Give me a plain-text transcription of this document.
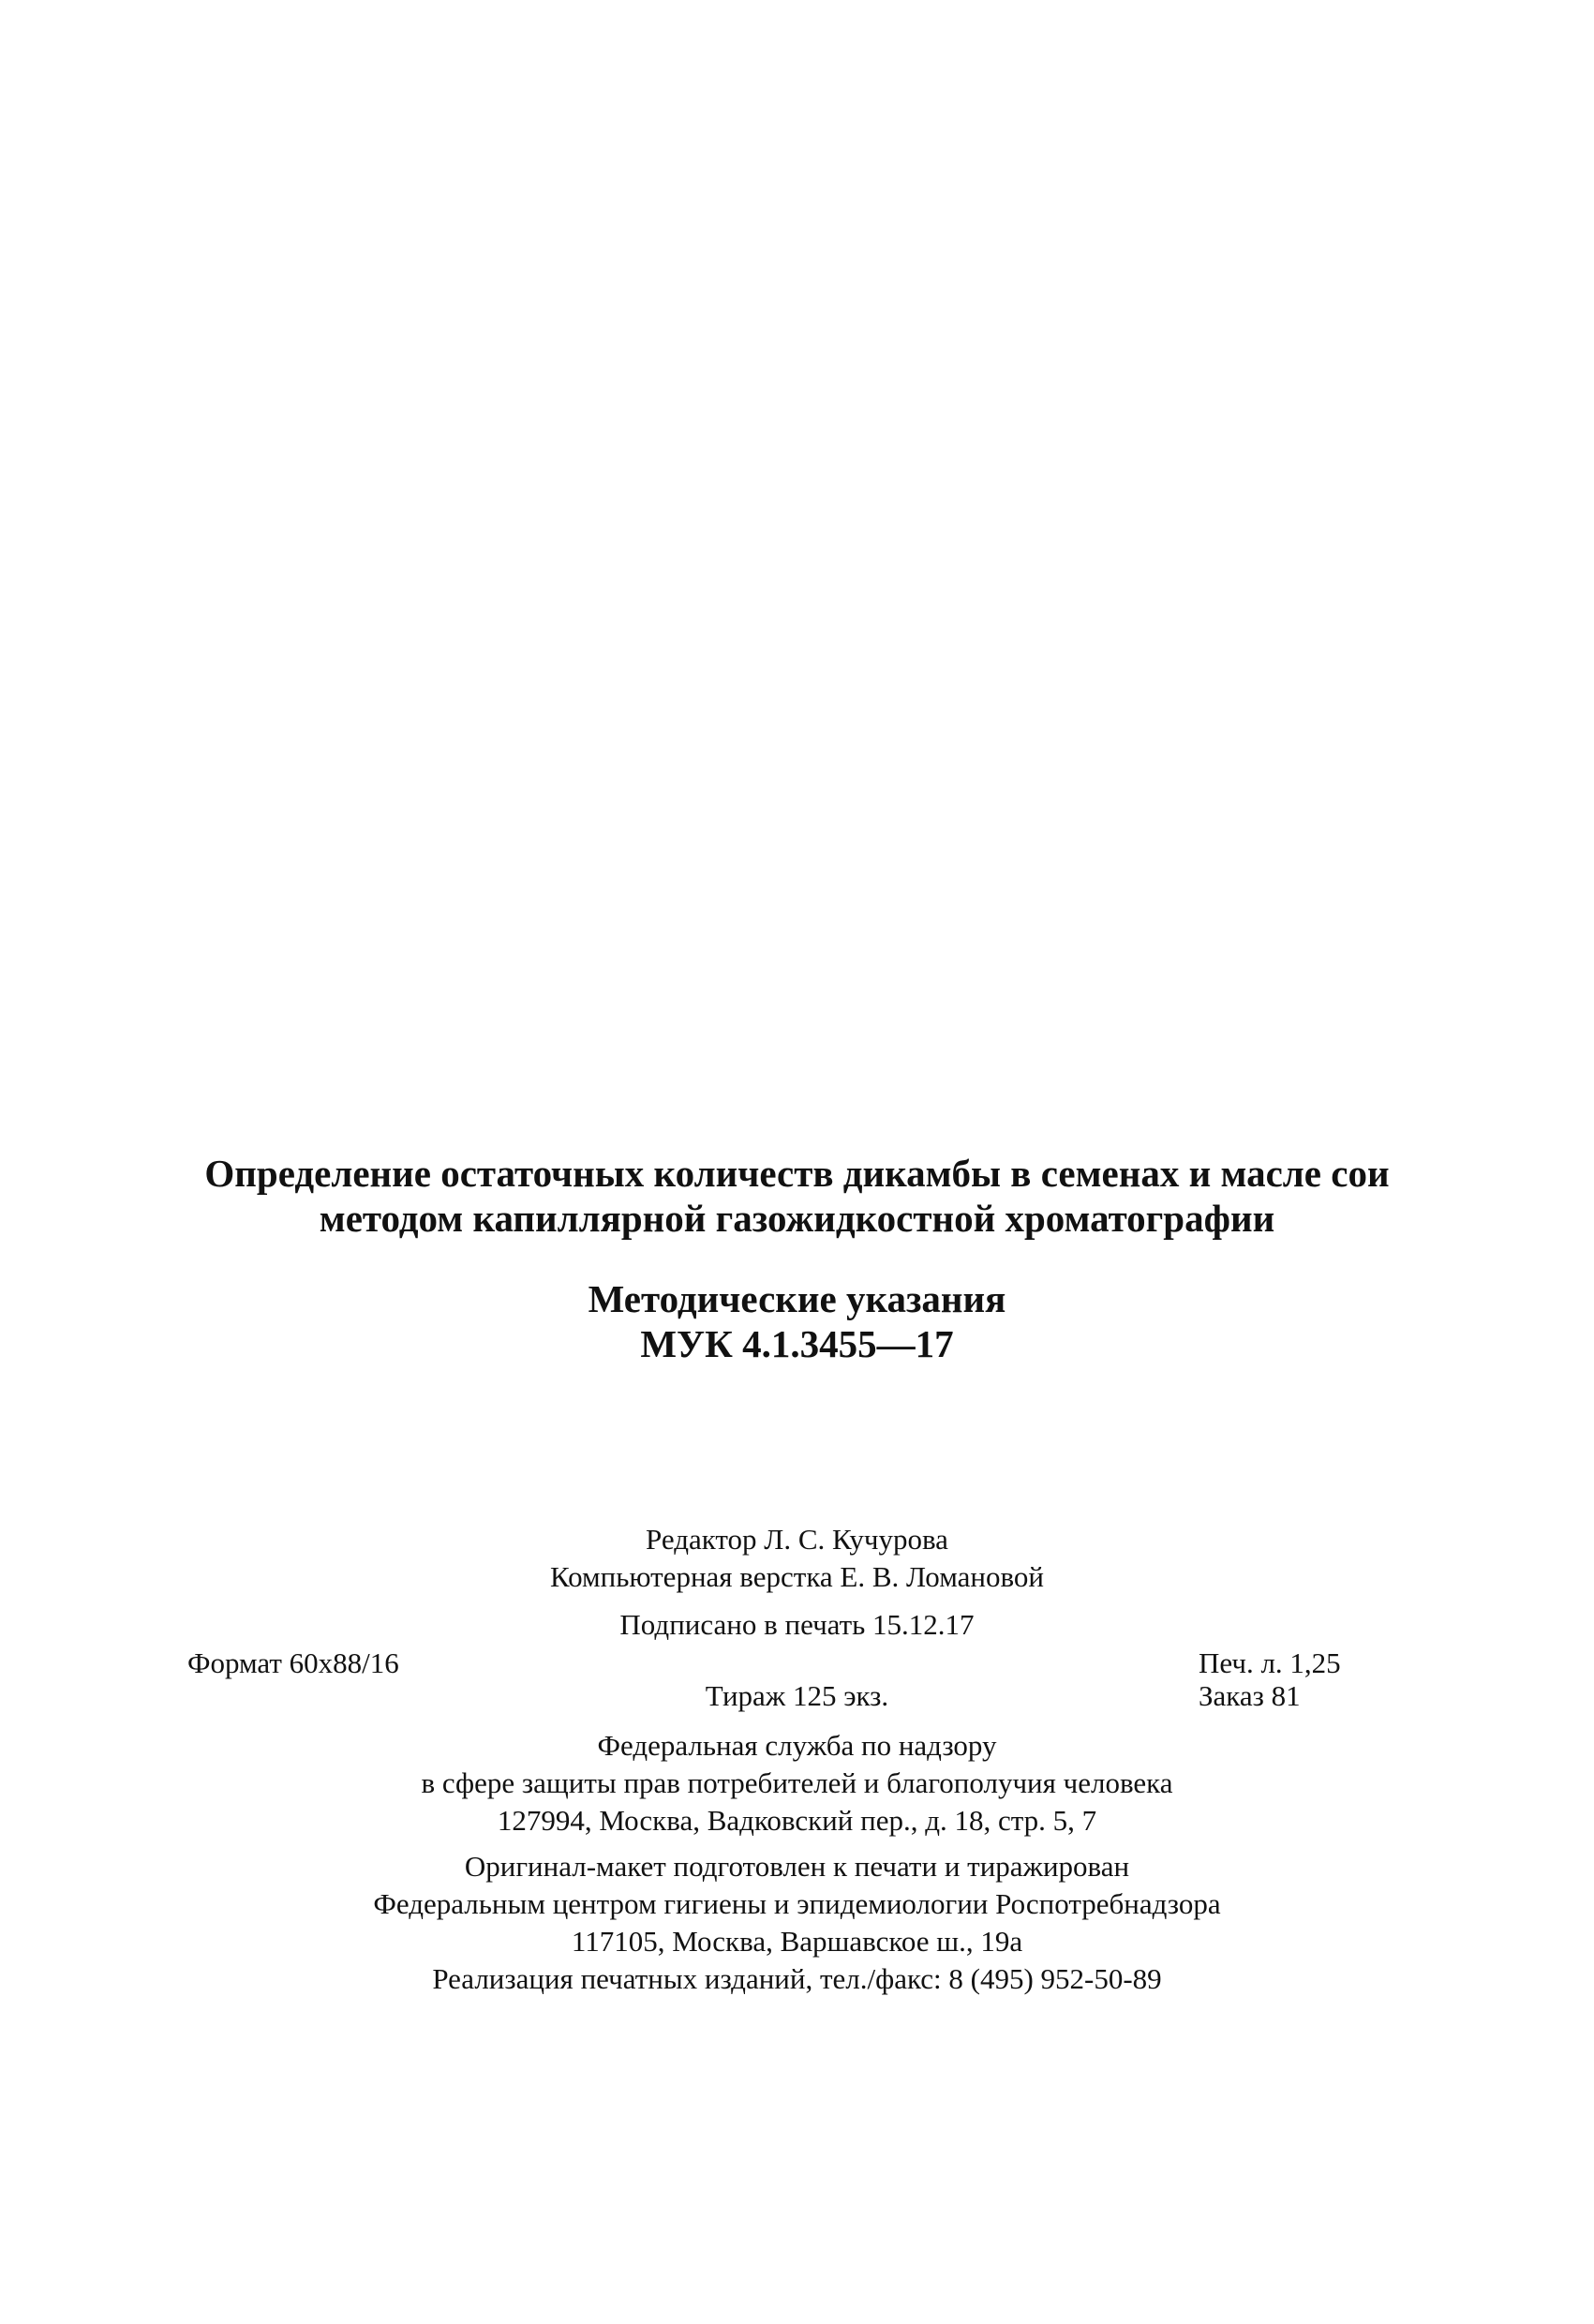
Определение остаточных количеств дикамбы в семенах и масле сои
методом капиллярной газожидкостной хроматографии
Методические указания
МУК 4.1.3455—17
Редактор Л. С. Кучурова
Компьютерная верстка Е. В. Ломановой
Подписано в печать 15.12.17
Формат 60x88/16	Печ. л. 1,25
Тираж 125 экз.	Заказ 81
Федеральная служба по надзору
в сфере защиты прав потребителей и благополучия человека
127994, Москва, Вадковский пер., д. 18, стр. 5, 7
Оригинал-макет подготовлен к печати и тиражирован
Федеральным центром гигиены и эпидемиологии Роспотребнадзора
117105, Москва, Варшавское ш., 19а
Реализация печатных изданий, тел./факс: 8 (495) 952-50-89
